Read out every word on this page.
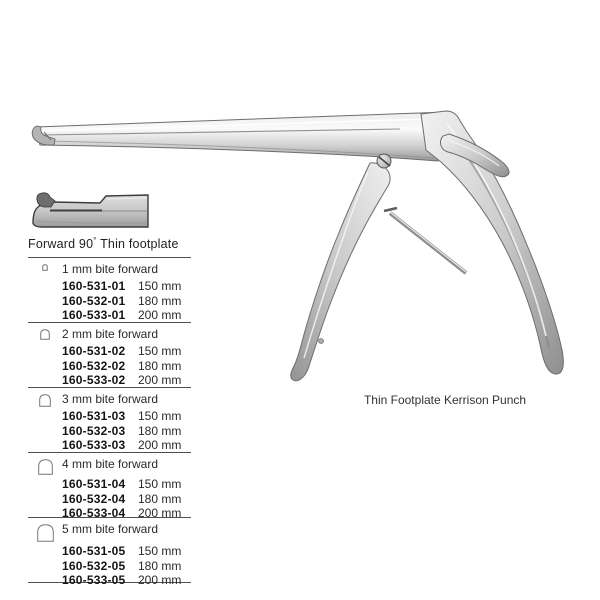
Forward 90° Thin footplate
1 mm bite forward
160-531-01	150 mm
160-532-01	180 mm
160-533-01	200 mm
2 mm bite forward
160-531-02	150 mm
160-532-02	180 mm
160-533-02	200 mm
3 mm bite forward
160-531-03	150 mm
160-532-03	180 mm
160-533-03	200 mm
4 mm bite forward
160-531-04	150 mm
160-532-04	180 mm
160-533-04	200 mm
5 mm bite forward
160-531-05	150 mm
160-532-05	180 mm
160-533-05	200 mm
Thin Footplate Kerrison Punch
